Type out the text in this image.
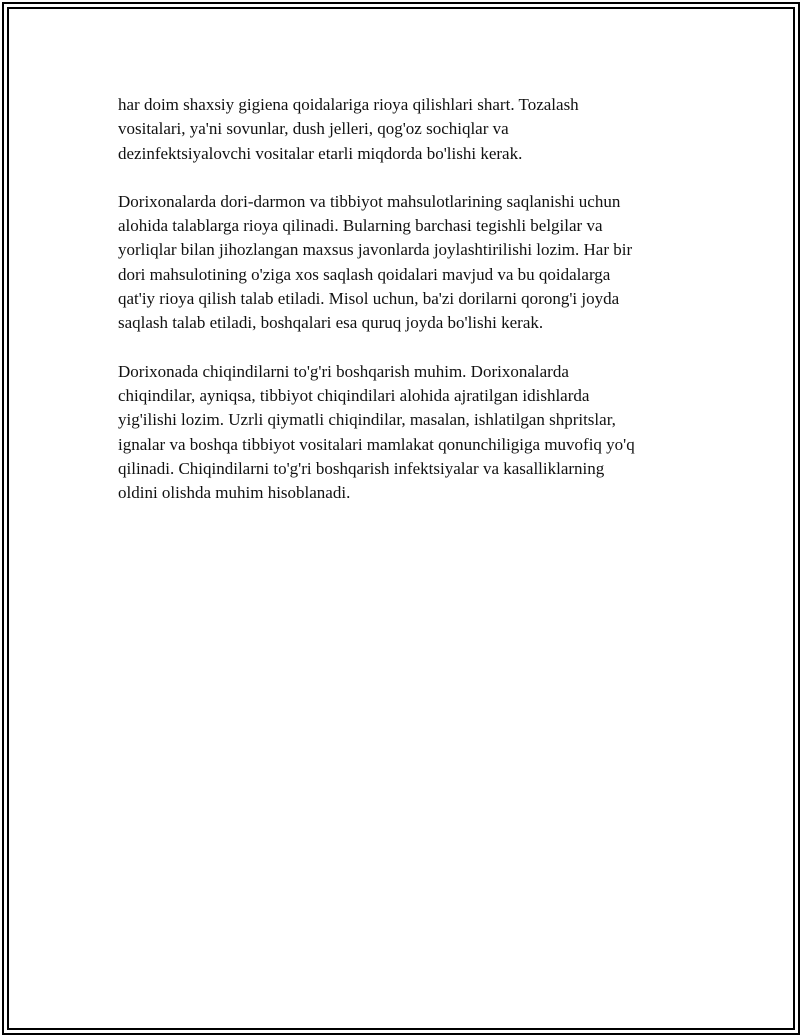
har doim shaxsiy gigiena qoidalariga rioya qilishlari shart. Tozalash
vositalari, ya'ni sovunlar, dush jelleri, qog'oz sochiqlar va
dezinfektsiyalovchi vositalar etarli miqdorda bo'lishi kerak.

Dorixonalarda dori-darmon va tibbiyot mahsulotlarining saqlanishi uchun
alohida talablarga rioya qilinadi. Bularning barchasi tegishli belgilar va
yorliqlar bilan jihozlangan maxsus javonlarda joylashtirilishi lozim. Har bir
dori mahsulotining o'ziga xos saqlash qoidalari mavjud va bu qoidalarga
qat'iy rioya qilish talab etiladi. Misol uchun, ba'zi dorilarni qorong'i joyda
saqlash talab etiladi, boshqalari esa quruq joyda bo'lishi kerak.

Dorixonada chiqindilarni to'g'ri boshqarish muhim. Dorixonalarda
chiqindilar, ayniqsa, tibbiyot chiqindilari alohida ajratilgan idishlarda
yig'ilishi lozim. Uzrli qiymatli chiqindilar, masalan, ishlatilgan shpritslar,
ignalar va boshqa tibbiyot vositalari mamlakat qonunchiligiga muvofiq yo'q
qilinadi. Chiqindilarni to'g'ri boshqarish infektsiyalar va kasalliklarning
oldini olishda muhim hisoblanadi.
